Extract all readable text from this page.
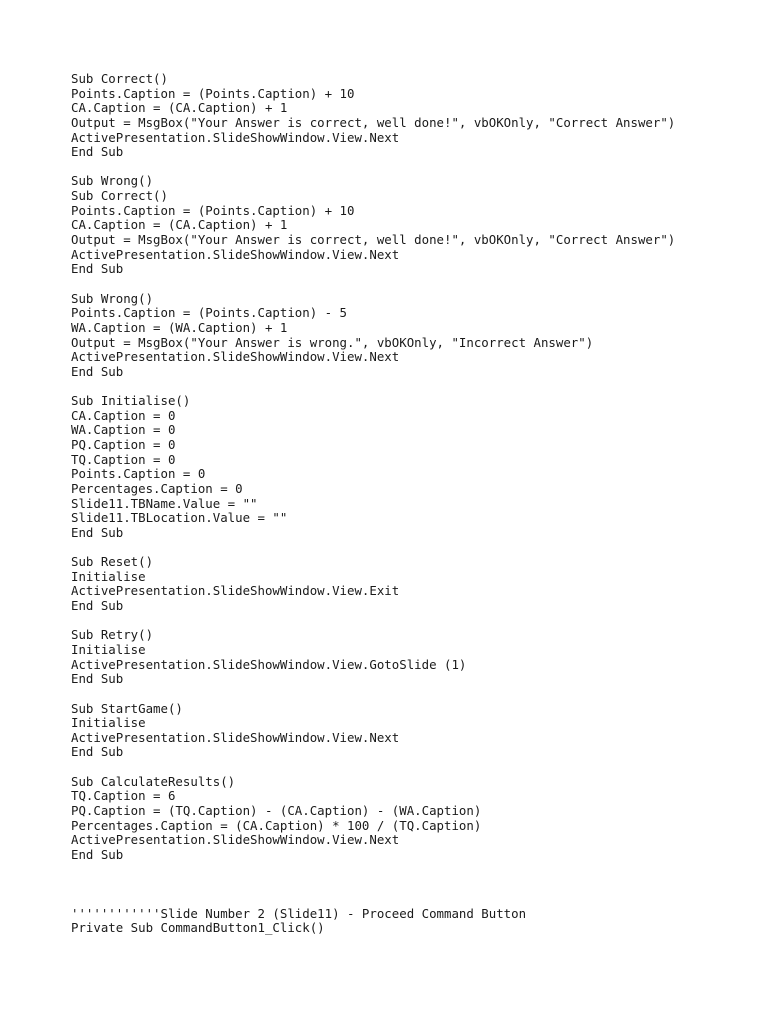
Sub Correct()
Points.Caption = (Points.Caption) + 10
CA.Caption = (CA.Caption) + 1
Output = MsgBox("Your Answer is correct, well done!", vbOKOnly, "Correct Answer")
ActivePresentation.SlideShowWindow.View.Next
End Sub
Sub Wrong()
Sub Correct()
Points.Caption = (Points.Caption) + 10
CA.Caption = (CA.Caption) + 1
Output = MsgBox("Your Answer is correct, well done!", vbOKOnly, "Correct Answer")
ActivePresentation.SlideShowWindow.View.Next
End Sub
Sub Wrong()
Points.Caption = (Points.Caption) - 5
WA.Caption = (WA.Caption) + 1
Output = MsgBox("Your Answer is wrong.", vbOKOnly, "Incorrect Answer")
ActivePresentation.SlideShowWindow.View.Next
End Sub
Sub Initialise()
CA.Caption = 0
WA.Caption = 0
PQ.Caption = 0
TQ.Caption = 0
Points.Caption = 0
Percentages.Caption = 0
Slide11.TBName.Value = ""
Slide11.TBLocation.Value = ""
End Sub
Sub Reset()
Initialise
ActivePresentation.SlideShowWindow.View.Exit
End Sub
Sub Retry()
Initialise
ActivePresentation.SlideShowWindow.View.GotoSlide (1)
End Sub
Sub StartGame()
Initialise
ActivePresentation.SlideShowWindow.View.Next
End Sub
Sub CalculateResults()
TQ.Caption = 6
PQ.Caption = (TQ.Caption) - (CA.Caption) - (WA.Caption)
Percentages.Caption = (CA.Caption) * 100 / (TQ.Caption)
ActivePresentation.SlideShowWindow.View.Next
End Sub
''''''''''''Slide Number 2 (Slide11) - Proceed Command Button
Private Sub CommandButton1_Click()
